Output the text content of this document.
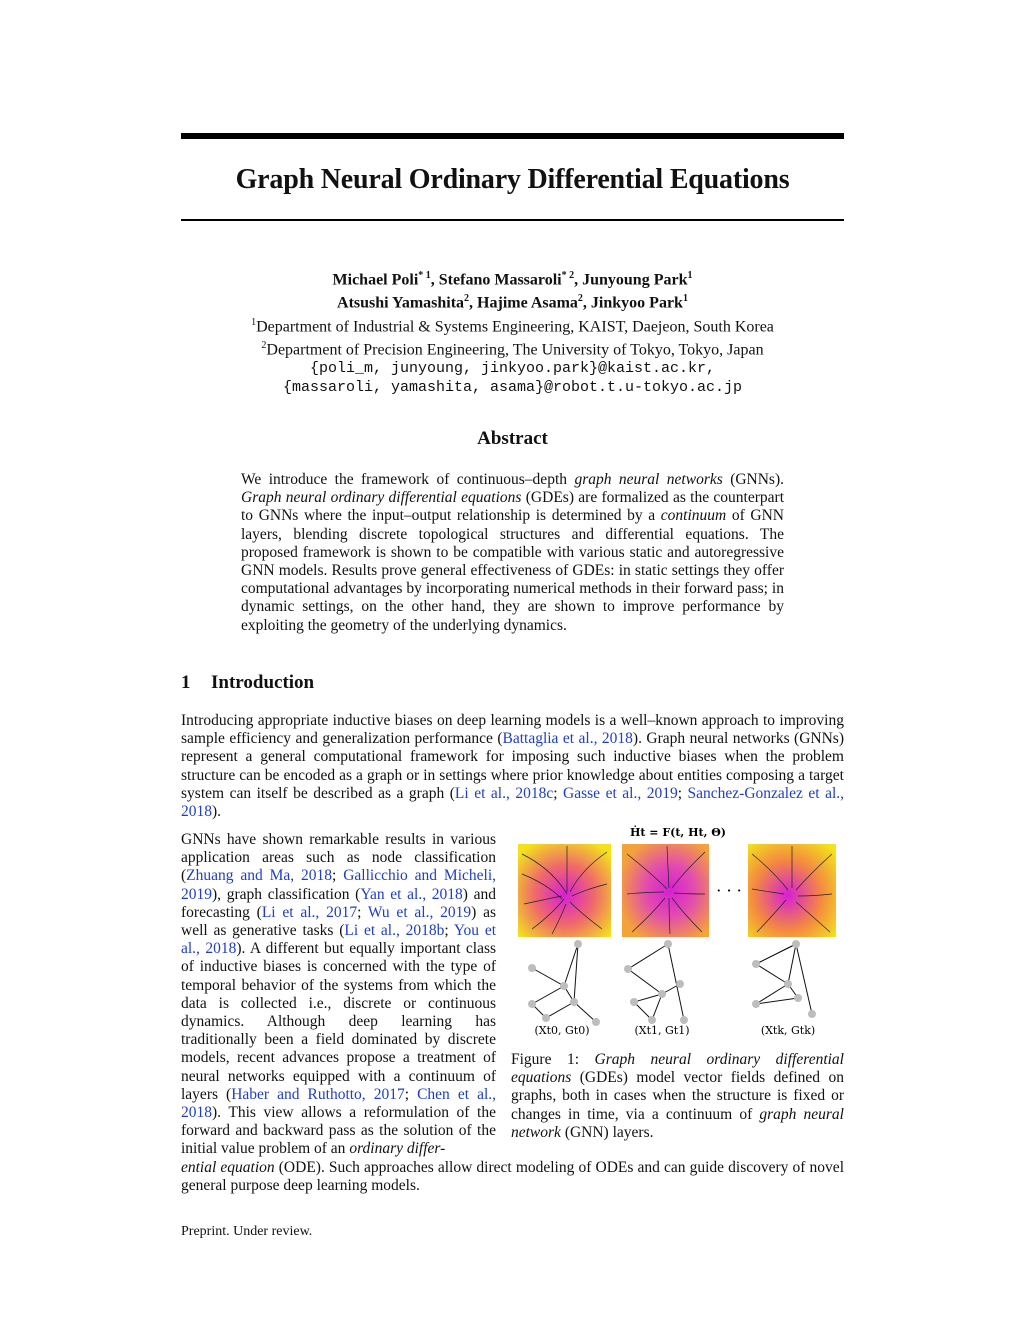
Graph Neural Ordinary Differential Equations
Michael Poli$^{* 1}$, Stefano Massaroli$^{* 2}$, Junyoung Park$^1$
Atsushi Yamashita$^2$, Hajime Asama$^2$, Jinkyoo Park$^1$
$^1$Department of Industrial & Systems Engineering, KAIST, Daejeon, South Korea
$^2$Department of Precision Engineering, The University of Tokyo, Tokyo, Japan
{poli_m, junyoung, jinkyoo.park}@kaist.ac.kr,
{massaroli, yamashita, asama}@robot.t.u-tokyo.ac.jp
Abstract
We introduce the framework of continuous–depth graph neural networks (GNNs). Graph neural ordinary differential equations (GDEs) are formalized as the counterpart to GNNs where the input–output relationship is determined by a continuum of GNN layers, blending discrete topological structures and differential equations. The proposed framework is shown to be compatible with various static and autoregressive GNN models. Results prove general effectiveness of GDEs: in static settings they offer computational advantages by incorporating numerical methods in their forward pass; in dynamic settings, on the other hand, they are shown to improve performance by exploiting the geometry of the underlying dynamics.
1 Introduction
Introducing appropriate inductive biases on deep learning models is a well–known approach to improving sample efficiency and generalization performance (Battaglia et al., 2018). Graph neural networks (GNNs) represent a general computational framework for imposing such inductive biases when the problem structure can be encoded as a graph or in settings where prior knowledge about entities composing a target system can itself be described as a graph (Li et al., 2018c; Gasse et al., 2019; Sanchez-Gonzalez et al., 2018).
GNNs have shown remarkable results in various application areas such as node classification (Zhuang and Ma, 2018; Gallicchio and Micheli, 2019), graph classification (Yan et al., 2018) and forecasting (Li et al., 2017; Wu et al., 2019) as well as generative tasks (Li et al., 2018b; You et al., 2018). A different but equally important class of inductive biases is concerned with the type of temporal behavior of the systems from which the data is collected i.e., discrete or continuous dynamics. Although deep learning has traditionally been a field dominated by discrete models, recent advances propose a treatment of neural networks equipped with a continuum of layers (Haber and Ruthotto, 2017; Chen et al., 2018). This view allows a reformulation of the forward and backward pass as the solution of the initial value problem of an ordinary differ-
Ḣt = F(t, Ht, Θ)
· · ·
(Xt0, Gt0)	(Xt1, Gt1)	(Xtk, Gtk)
Figure 1: Graph neural ordinary differential equations (GDEs) model vector fields defined on graphs, both in cases when the structure is fixed or changes in time, via a continuum of graph neural network (GNN) layers.
ential equation (ODE). Such approaches allow direct modeling of ODEs and can guide discovery of novel general purpose deep learning models.
Preprint. Under review.
